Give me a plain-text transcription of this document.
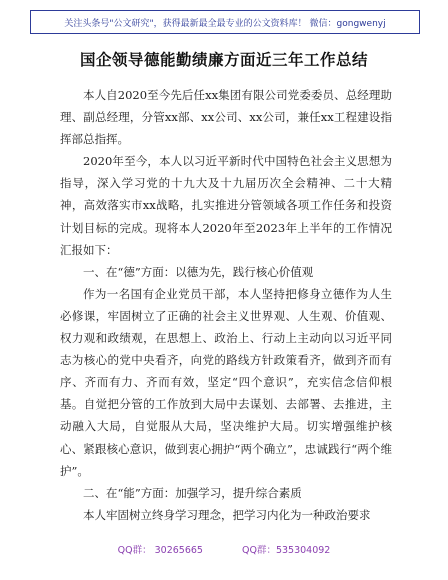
关注头条号"公文研究"，获得最新最全最专业的公文资料库！ 微信：gongwenyj
国企领导德能勤绩廉方面近三年工作总结

本人自2020至今先后任xx集团有限公司党委委员、总经理助理、副总经理，分管xx部、xx公司、xx公司，兼任xx工程建设指挥部总指挥。

2020年至今，本人以习近平新时代中国特色社会主义思想为指导，深入学习党的十九大及十九届历次全会精神、二十大精神，高效落实市xx战略，扎实推进分管领域各项工作任务和投资计划目标的完成。现将本人2020年至2023年上半年的工作情况汇报如下：

一、在“德”方面：以德为先，践行核心价值观

作为一名国有企业党员干部，本人坚持把修身立德作为人生必修课，牢固树立了正确的社会主义世界观、人生观、价值观、权力观和政绩观，在思想上、政治上、行动上主动向以习近平同志为核心的党中央看齐，向党的路线方针政策看齐，做到齐而有序、齐而有力、齐而有效，坚定“四个意识”，充实信念信仰根基。自觉把分管的工作放到大局中去谋划、去部署、去推进，主动融入大局，自觉服从大局，坚决维护大局。切实增强维护核心、紧跟核心意识，做到衷心拥护“两个确立”，忠诚践行“两个维护”。

二、在“能”方面：加强学习，提升综合素质

本人牢固树立终身学习理念，把学习内化为一种政治要求

QQ群： 30265665	QQ群：535304092
